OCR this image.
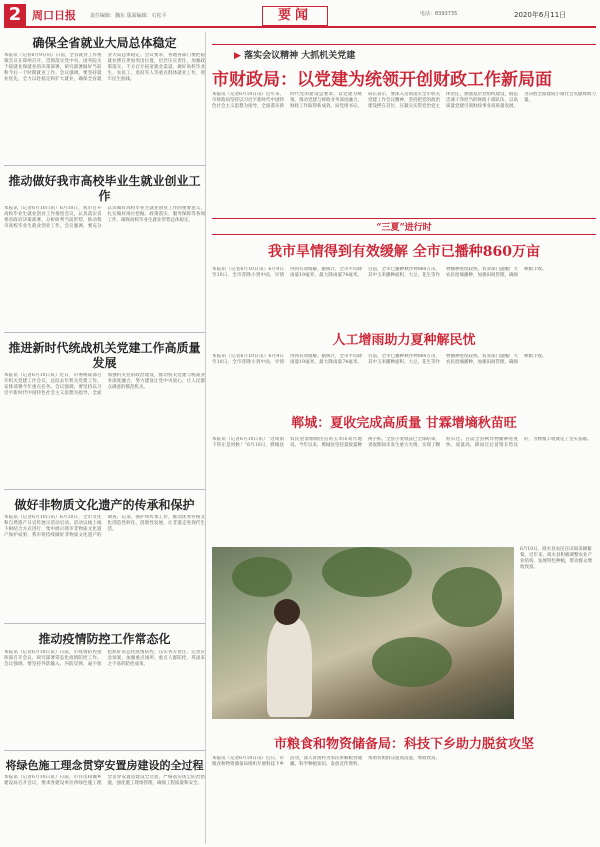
2 周口日报	责任编辑：魏东 版面编辑：石松平	要闻	电话：8393735	2020年6月11日
确保全省就业大局总体稳定
本报讯（记者6月9日讯）日前，全省就业工作视频会议在郑州召开，贯彻落实党中央、国务院关于稳就业保就业的决策部署，研究部署做好当前和今后一个时期就业工作。会议强调，要坚持就业优先，全力以赴稳定和扩大就业，确保全省就业大局总体稳定。会议要求，各地各部门要把稳就业摆在更加突出位置，层层压实责任，加强政策落实，千方百计拓宽就业渠道，做好高校毕业生、农民工、退役军人等重点群体就业工作，兜牢民生底线。
推动做好我市高校毕业生就业创业工作
本报讯（记者6月10日讯）6月10日，我市召开高校毕业生就业创业工作推进会议，认真落实省委省政府决策部署，分析研判当前形势，推动我市高校毕业生就业创业工作。会议强调，要充分认识做好高校毕业生就业创业工作的重要意义，扎实做好岗位挖掘、政策落实、服务保障等各项工作，确保高校毕业生就业形势总体稳定。
推进新时代统战机关党建工作高质量发展
本报讯（记者6月10日讯）近日，市委统战部召开机关党建工作会议，总结去年机关党建工作，安排部署今年重点任务。会议强调，要坚持以习近平新时代中国特色社会主义思想为指导，全面加强机关党的政治建设，推动机关党建与统战业务深度融合，努力建设让党中央放心、让人民群众满意的模范机关。
做好非物质文化遗产的传承和保护
本报讯（记者6月10日讯）6月10日，全市文化和自然遗产日宣传展示活动启动。活动以线上线下相结合方式进行，集中展示我市非物质文化遗产保护成果。我市将持续做好非物质文化遗产的调查、记录、保护和传承工作，推动优秀传统文化创造性转化、创新性发展，让非遗走进现代生活。
推动疫情防控工作常态化
本报讯（记者6月10日讯）日前，市疫情防控指挥部召开会议，研究部署常态化疫情防控工作。会议强调，要坚持外防输入、内防反弹，毫不放松抓好常态化疫情防控，压实各方责任，完善应急预案，加强重点场所、重点人群防控，巩固来之不易的防控成果。
将绿色施工理念贯穿安置房建设的全过程
本报讯（记者6月10日讯）日前，市住房和城乡建设局召开会议，要求各建设单位将绿色施工理念贯穿安置房建设全过程，严格落实扬尘防治措施，强化施工现场管理，确保工程质量和安全。
▶ 落实会议精神 大抓机关党建
市财政局：以党建为统领开创财政工作新局面
本报讯（记者6月10日讯）近年来，市财政局坚持以习近平新时代中国特色社会主义思想为指导，全面落实新时代党的建设总要求，以党建为统领，推动党建与财政业务深度融合，财政工作取得新成效。局党组书记、局长表示，要深入贯彻落实全市机关党建工作会议精神，坚持把党的政治建设摆在首位，压紧压实管党治党主体责任，加强基层党组织建设，锻造忠诚干净担当的财政干部队伍，以高质量党建引领财政事业高质量发展，为决胜全面建成小康社会贡献财政力量。
“三夏”进行时
我市旱情得到有效缓解 全市已播种860万亩
本报讯（记者6月10日讯）6月9日至10日，全市普降小到中雨，旱情得到有效缓解。据统计，全市平均降雨量19毫米，最大降雨量74毫米。目前，全市已播种秋作物860万亩，其中玉米播种面积、大豆、花生等作物播种进度较快。农业部门提醒广大农民抢墒播种，加强田间管理，确保秋粮丰收。
人工增雨助力夏种解民忧
本报讯（记者6月10日讯）6月9日至10日，全市普降小到中雨，旱情得到有效缓解。据统计，全市平均降雨量19毫米，最大降雨量74毫米。目前，全市已播种秋作物860万亩，其中玉米播种面积、大豆、花生等作物播种进度较快。农业部门提醒广大农民抢墒播种，加强田间管理，确保秋粮丰收。
郸城：夏收完成高质量 甘霖增墒秋苗旺
本报讯（记者6月10日讯）“这场雨下得正是时候！”6月10日，郸城县农民望着刚刚出苗的玉米田高兴地说。今年以来，郸城县坚持夏收夏种两手抓，全县小麦收获已全部结束，麦收期间未发生重大火情，实现了颗粒归仓。目前全县秋作物播种进度快、质量高，降雨过后苗情长势良好，为秋粮丰收奠定了坚实基础。
6月10日，商水县农民在田间采摘葡萄。近年来，商水县积极调整农业产业结构，发展特色种植，带动群众增收致富。
市粮食和物资储备局：科技下乡助力脱贫攻坚
本报讯（记者6月10日讯）近日，市粮食和物资储备局组织开展科技下乡活动，深入贫困村为农民讲解粮食储藏、科学种植知识，发放宣传资料，帮助贫困群众提高技能、增收致富。
